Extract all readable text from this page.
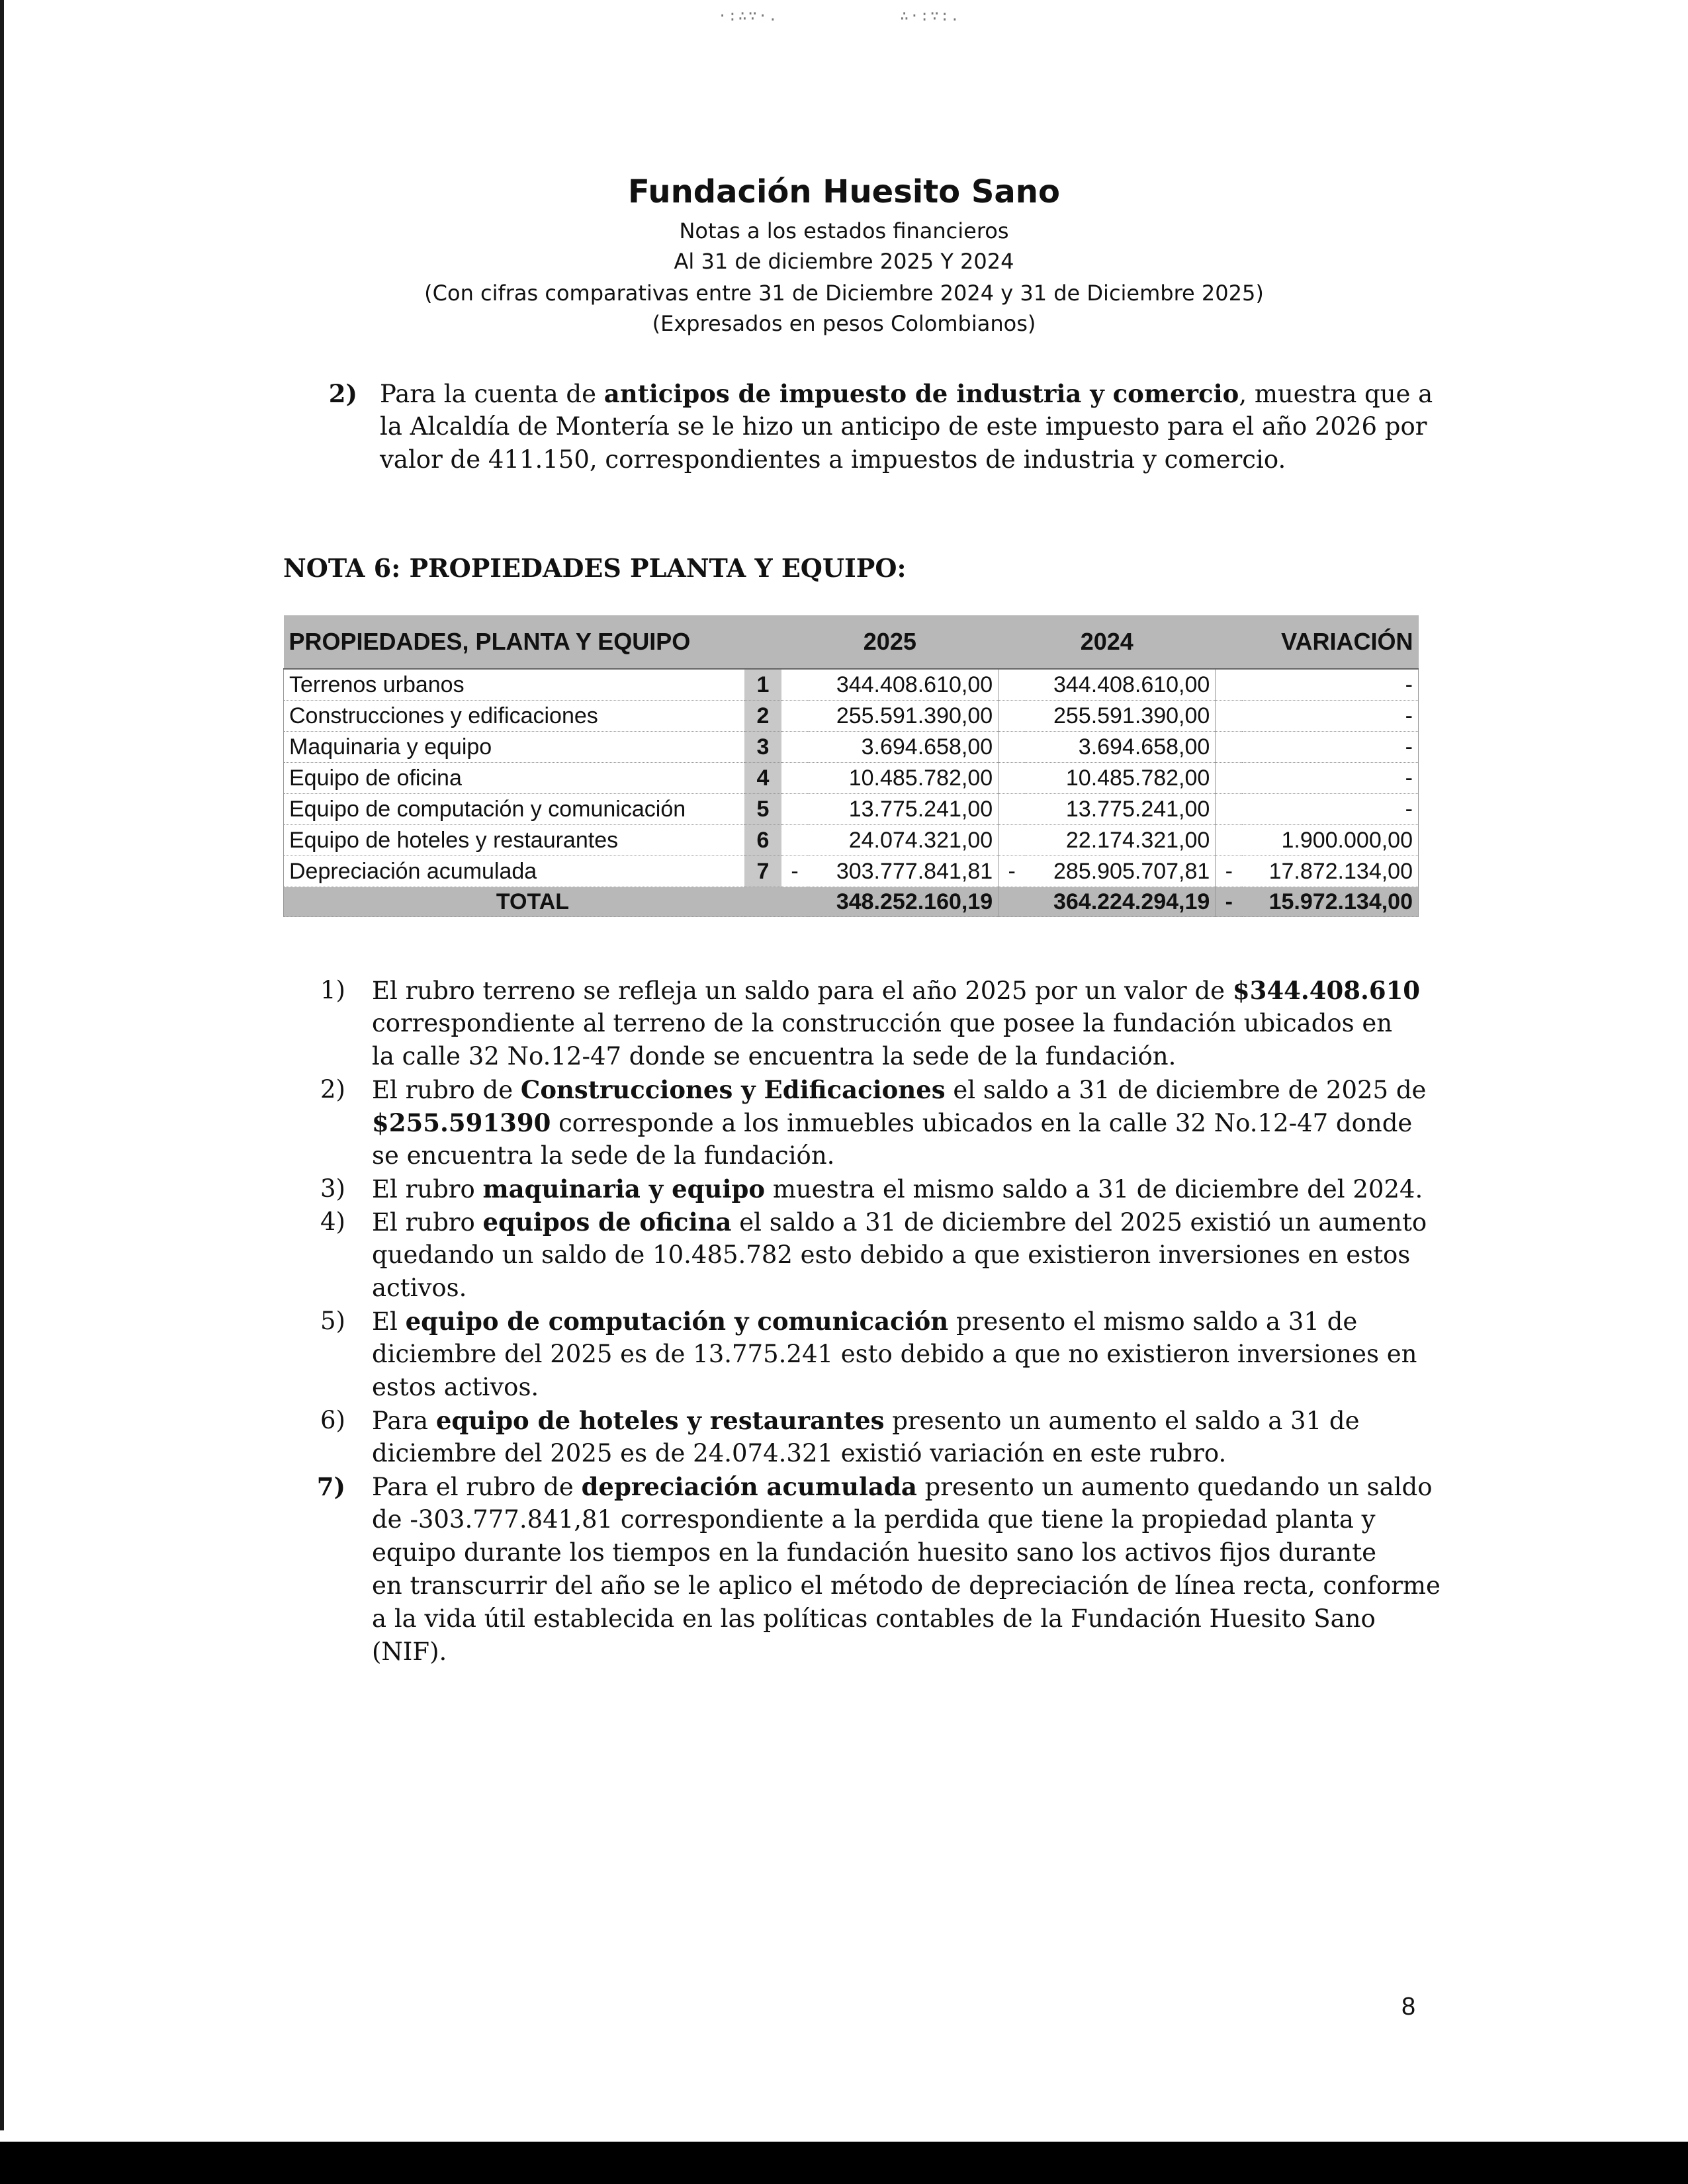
·:∴∵·.	∴·:∵:.
Fundación Huesito Sano
Notas a los estados financieros
Al 31 de diciembre 2025 Y 2024
(Con cifras comparativas entre 31 de Diciembre 2024 y 31 de Diciembre 2025)
(Expresados en pesos Colombianos)
2) Para la cuenta de anticipos de impuesto de industria y comercio, muestra que a
la Alcaldía de Montería se le hizo un anticipo de este impuesto para el año 2026 por
valor de 411.150, correspondientes a impuestos de industria y comercio.
NOTA 6: PROPIEDADES PLANTA Y EQUIPO:
PROPIEDADES, PLANTA Y EQUIPO		2025		2024		VARIACIÓN	
Terrenos urbanos	1		344.408.610,00		344.408.610,00		-
Construcciones y edificaciones	2		255.591.390,00		255.591.390,00		-
Maquinaria y equipo	3		3.694.658,00		3.694.658,00		-
Equipo de oficina	4		10.485.782,00		10.485.782,00		-
Equipo de computación y comunicación	5		13.775.241,00		13.775.241,00		-
Equipo de hoteles y restaurantes	6		24.074.321,00		22.174.321,00		1.900.000,00
Depreciación acumulada	7	-	303.777.841,81	-	285.905.707,81	-	17.872.134,00
TOTAL		348.252.160,19		364.224.294,19		-	15.972.134,00
1) El rubro terreno se refleja un saldo para el año 2025 por un valor de $344.408.610
correspondiente al terreno de la construcción que posee la fundación ubicados en
la calle 32 No.12-47 donde se encuentra la sede de la fundación.
2) El rubro de Construcciones y Edificaciones el saldo a 31 de diciembre de 2025 de
$255.591390 corresponde a los inmuebles ubicados en la calle 32 No.12-47 donde
se encuentra la sede de la fundación.
3) El rubro maquinaria y equipo muestra el mismo saldo a 31 de diciembre del 2024.
4) El rubro equipos de oficina el saldo a 31 de diciembre del 2025 existió un aumento
quedando un saldo de 10.485.782 esto debido a que existieron inversiones en estos
activos.
5) El equipo de computación y comunicación presento el mismo saldo a 31 de
diciembre del 2025 es de 13.775.241 esto debido a que no existieron inversiones en
estos activos.
6) Para equipo de hoteles y restaurantes presento un aumento el saldo a 31 de
diciembre del 2025 es de 24.074.321 existió variación en este rubro.
7) Para el rubro de depreciación acumulada presento un aumento quedando un saldo
de -303.777.841,81 correspondiente a la perdida que tiene la propiedad planta y
equipo durante los tiempos en la fundación huesito sano los activos fijos durante
en transcurrir del año se le aplico el método de depreciación de línea recta, conforme
a la vida útil establecida en las políticas contables de la Fundación Huesito Sano
(NIF).
8
